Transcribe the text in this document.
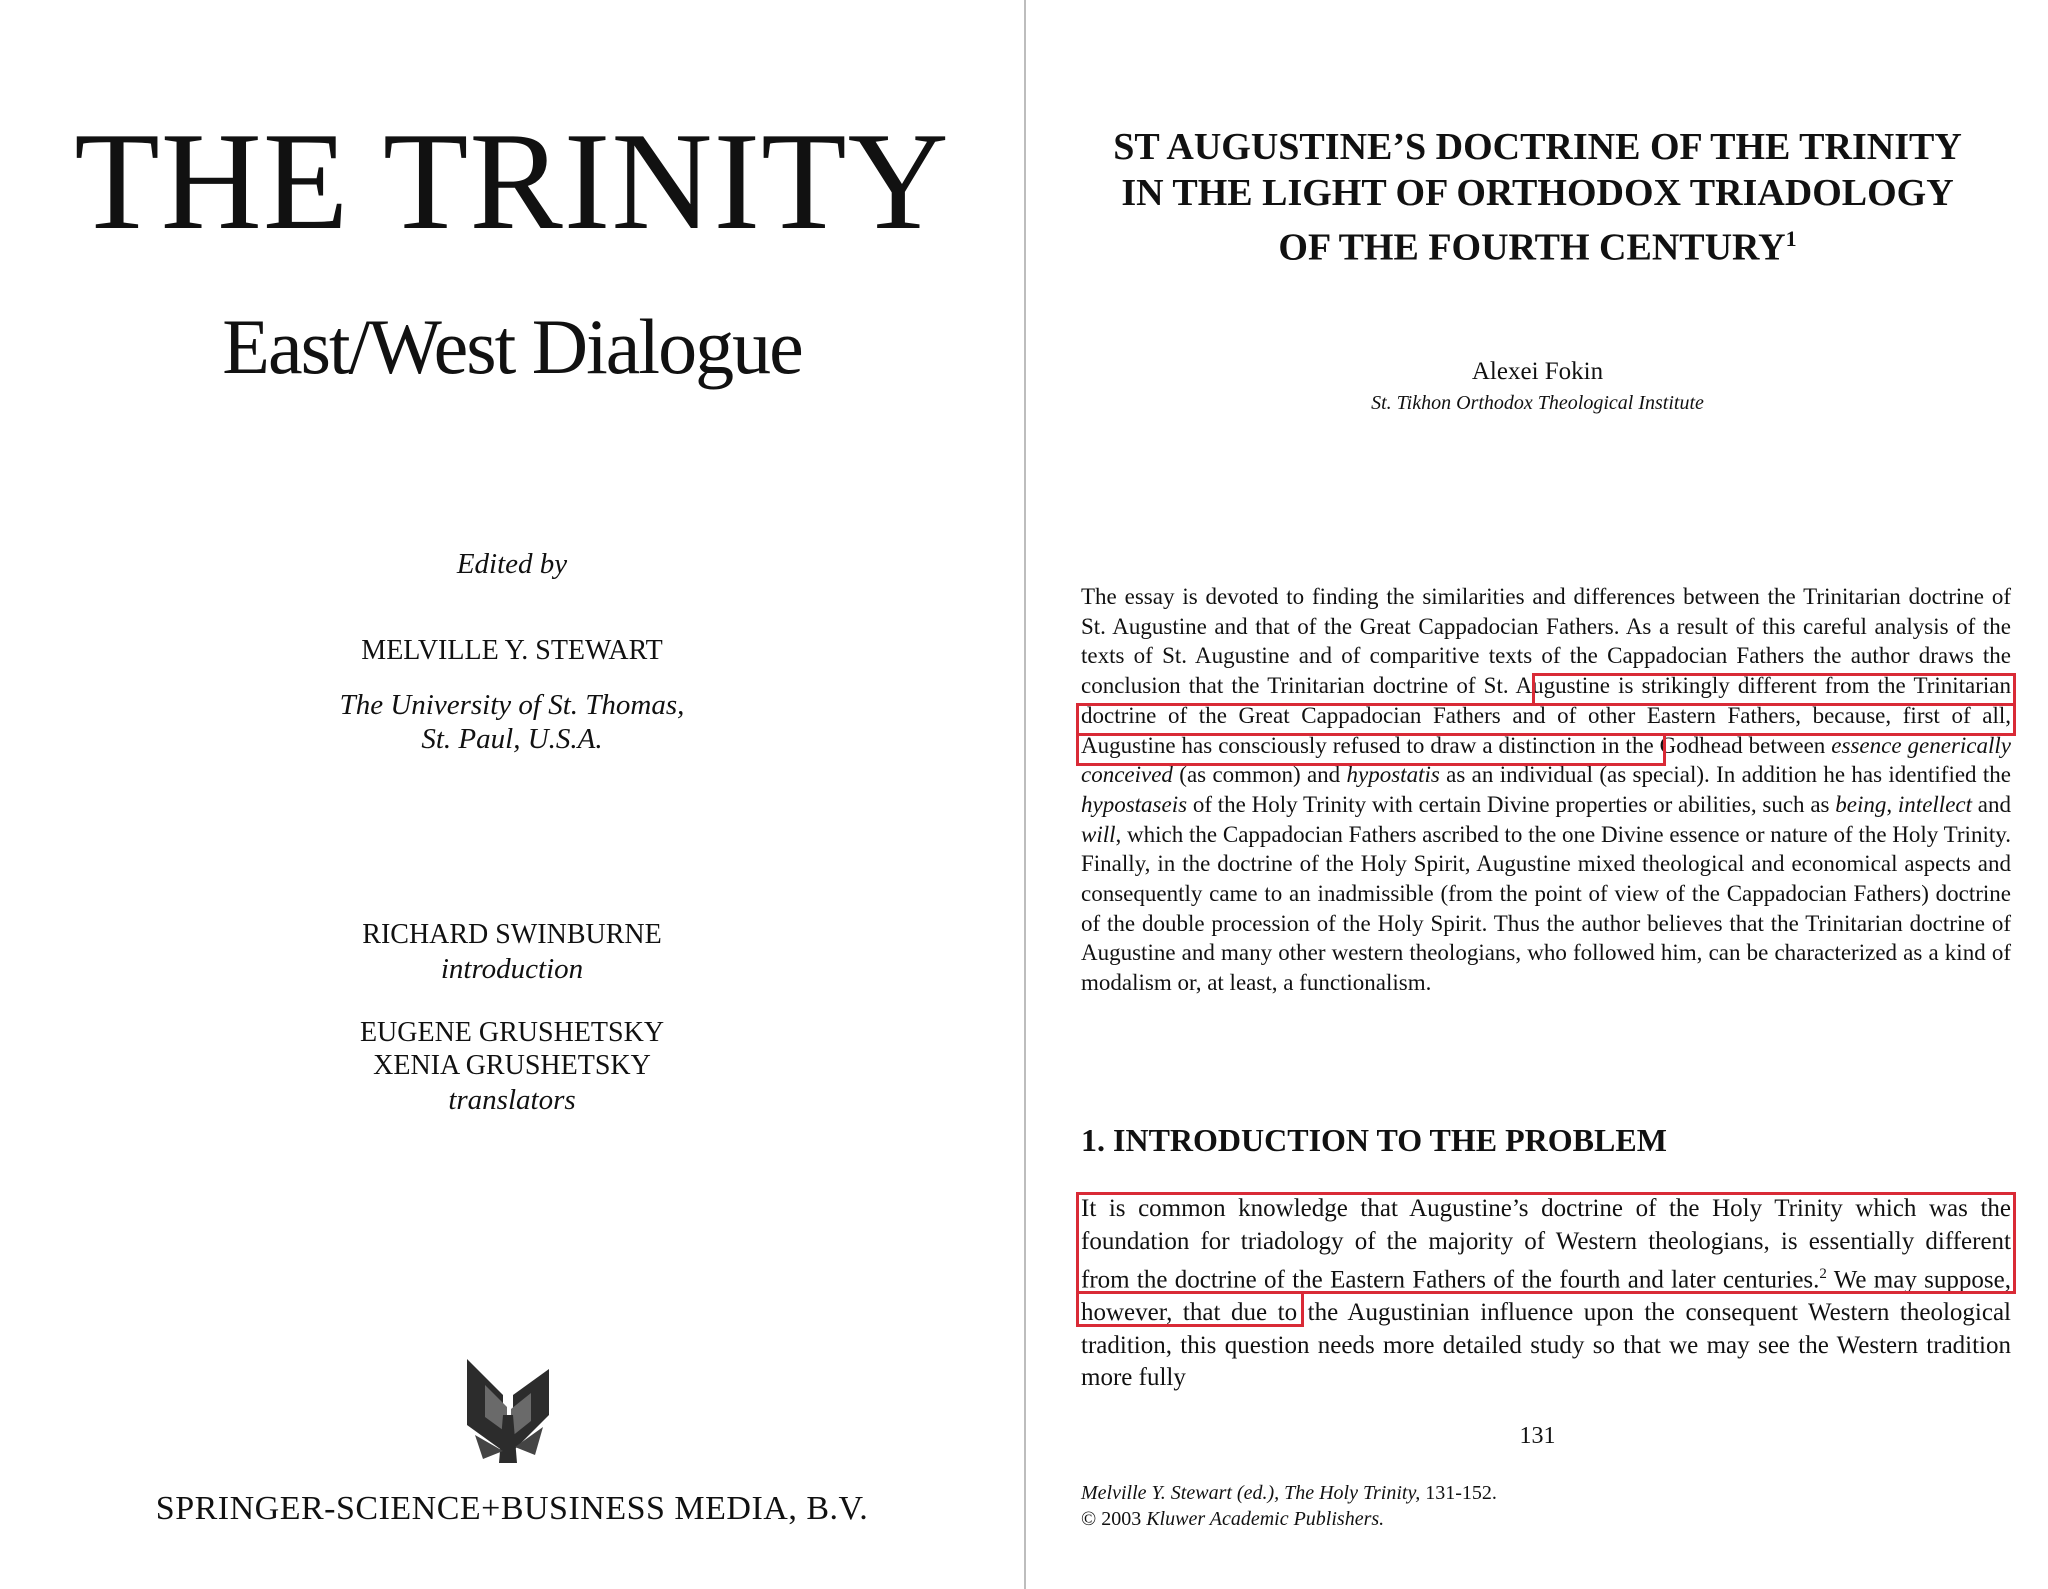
THE TRINITY
East/West Dialogue
Edited by
MELVILLE Y. STEWART
The University of St. Thomas,
St. Paul, U.S.A.
RICHARD SWINBURNE
introduction
EUGENE GRUSHETSKY
XENIA GRUSHETSKY
translators
SPRINGER-SCIENCE+BUSINESS MEDIA, B.V.
ST AUGUSTINE’S DOCTRINE OF THE TRINITY
IN THE LIGHT OF ORTHODOX TRIADOLOGY
OF THE FOURTH CENTURY$^1$
Alexei Fokin
St. Tikhon Orthodox Theological Institute

The essay is devoted to finding the similarities and differences between the Trinitarian doctrine of St. Augustine and that of the Great Cappadocian Fathers. As a result of this careful analysis of the texts of St. Augustine and of comparitive texts of the Cappadocian Fathers the author draws the conclusion that the Trinitarian doctrine of St. Augustine is strikingly different from the Trinitarian doctrine of the Great Cappadocian Fathers and of other Eastern Fathers, because, first of all, Augustine has consciously refused to draw a distinction in the Godhead between essence generically conceived (as common) and hypostatis as an individual (as special). In addition he has identified the hypostaseis of the Holy Trinity with certain Divine properties or abilities, such as being, intellect and will, which the Cappadocian Fathers ascribed to the one Divine essence or nature of the Holy Trinity. Finally, in the doctrine of the Holy Spirit, Augustine mixed theological and economical aspects and consequently came to an inadmissible (from the point of view of the Cappadocian Fathers) doctrine of the double procession of the Holy Spirit. Thus the author believes that the Trinitarian doctrine of Augustine and many other western theologians, who followed him, can be characterized as a kind of modalism or, at least, a functionalism.

1. INTRODUCTION TO THE PROBLEM

It is common knowledge that Augustine’s doctrine of the Holy Trinity which was the foundation for triadology of the majority of Western theologians, is essentially different from the doctrine of the Eastern Fathers of the fourth and later centuries.$^2$ We may suppose, however, that due to the Augustinian influence upon the consequent Western theological tradition, this question needs more detailed study so that we may see the Western tradition more fully

131
Melville Y. Stewart (ed.), The Holy Trinity, 131-152.
© 2003 Kluwer Academic Publishers.
